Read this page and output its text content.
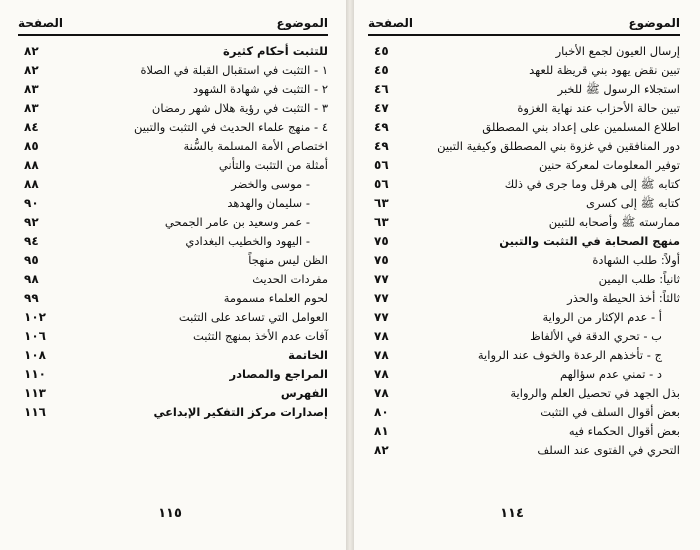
الموضوع
الصفحة
للتثبت أحكام كثيرة
٨٢
١ - التثبت في استقبال القبلة في الصلاة
٨٢
٢ - التثبت في شهادة الشهود
٨٣
٣ - التثبت في رؤية هلال شهر رمضان
٨٣
٤ - منهج علماء الحديث في التثبت والتبين
٨٤
اختصاص الأمة المسلمة بالسُّنة
٨٥
أمثلة من التثبت والتأني
٨٨
- موسى والخضر
٨٨
- سليمان والهدهد
٩٠
- عمر وسعيد بن عامر الجمحي
٩٢
- اليهود والخطيب البغدادي
٩٤
الظن ليس منهجاً
٩٥
مفردات الحديث
٩٨
لحوم العلماء مسمومة
٩٩
العوامل التي تساعد على التثبت
١٠٢
آفات عدم الأخذ بمنهج التثبت
١٠٦
الخاتمة
١٠٨
المراجع والمصادر
١١٠
الفهرس
١١٣
إصدارات مركز التفكير الإبداعي
١١٦
١١٥
الموضوع
الصفحة
إرسال العيون لجمع الأخبار
٤٥
تبين نقض يهود بني قريظة للعهد
٤٥
استجلاء الرسول ﷺ للخبر
٤٦
تبين حالة الأحزاب عند نهاية الغزوة
٤٧
اطلاع المسلمين على إعداد بني المصطلق
٤٩
دور المنافقين في غزوة بني المصطلق وكيفية التبين
٤٩
توفير المعلومات لمعركة حنين
٥٦
كتابه ﷺ إلى هرقل وما جرى في ذلك
٥٦
كتابه ﷺ إلى كسرى
٦٣
ممارسته ﷺ وأصحابه للتبين
٦٣
منهج الصحابة في التثبت والتبين
٧٥
أولاً: طلب الشهادة
٧٥
ثانياً: طلب اليمين
٧٧
ثالثاً: أخذ الحيطة والحذر
٧٧
أ - عدم الإكثار من الرواية
٧٧
ب - تحري الدقة في الألفاظ
٧٨
ج - تأخذهم الرعدة والخوف عند الرواية
٧٨
د - تمني عدم سؤالهم
٧٨
بذل الجهد في تحصيل العلم والرواية
٧٨
بعض أقوال السلف في التثبت
٨٠
بعض أقوال الحكماء فيه
٨١
التحري في الفتوى عند السلف
٨٢
١١٤
